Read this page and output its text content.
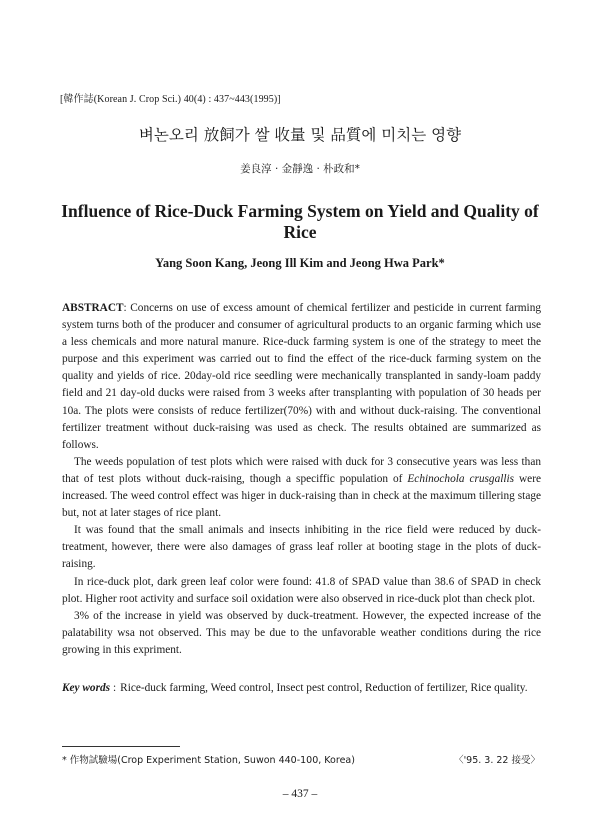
[韓作誌(Korean J. Crop Sci.) 40(4) : 437~443(1995)]
벼논오리 放飼가 쌀 收量 및 品質에 미치는 영향
姜良淳 · 金靜逸 · 朴政和*
Influence of Rice-Duck Farming System on Yield and Quality of Rice
Yang Soon Kang, Jeong Ill Kim and Jeong Hwa Park*

ABSTRACT: Concerns on use of excess amount of chemical fertilizer and pesticide in current farming system turns both of the producer and consumer of agricultural products to an organic farming which use a less chemicals and more natural manure. Rice-duck farming system is one of the strategy to meet the purpose and this experiment was carried out to find the effect of the rice-duck farming system on the quality and yields of rice. 20day-old rice seedling were mechanically transplanted in sandy-loam paddy field and 21 day-old ducks were raised from 3 weeks after transplanting with population of 30 heads per 10a. The plots were consists of reduce fertilizer(70%) with and without duck-raising. The conventional fertilizer treatment without duck-raising was used as check. The results obtained are summarized as follows.

The weeds population of test plots which were raised with duck for 3 consecutive years was less than that of test plots without duck-raising, though a speciffic population of Echinochola crusgallis were increased. The weed control effect was higer in duck-raising than in check at the maximum tillering stage but, not at later stages of rice plant.

It was found that the small animals and insects inhibiting in the rice field were reduced by duck-treatment, however, there were also damages of grass leaf roller at booting stage in the plots of duck-raising.

In rice-duck plot, dark green leaf color were found: 41.8 of SPAD value than 38.6 of SPAD in check plot. Higher root activity and surface soil oxidation were also observed in rice-duck plot than check plot.

3% of the increase in yield was observed by duck-treatment. However, the expected increase of the palatability wsa not observed. This may be due to the unfavorable weather conditions during the rice growing in this expriment.

Key words : Rice-duck farming, Weed control, Insect pest control, Reduction of fertilizer, Rice quality.
* 作物試驗場(Crop Experiment Station, Suwon 440-100, Korea)	〈'95. 3. 22 接受〉
– 437 –
